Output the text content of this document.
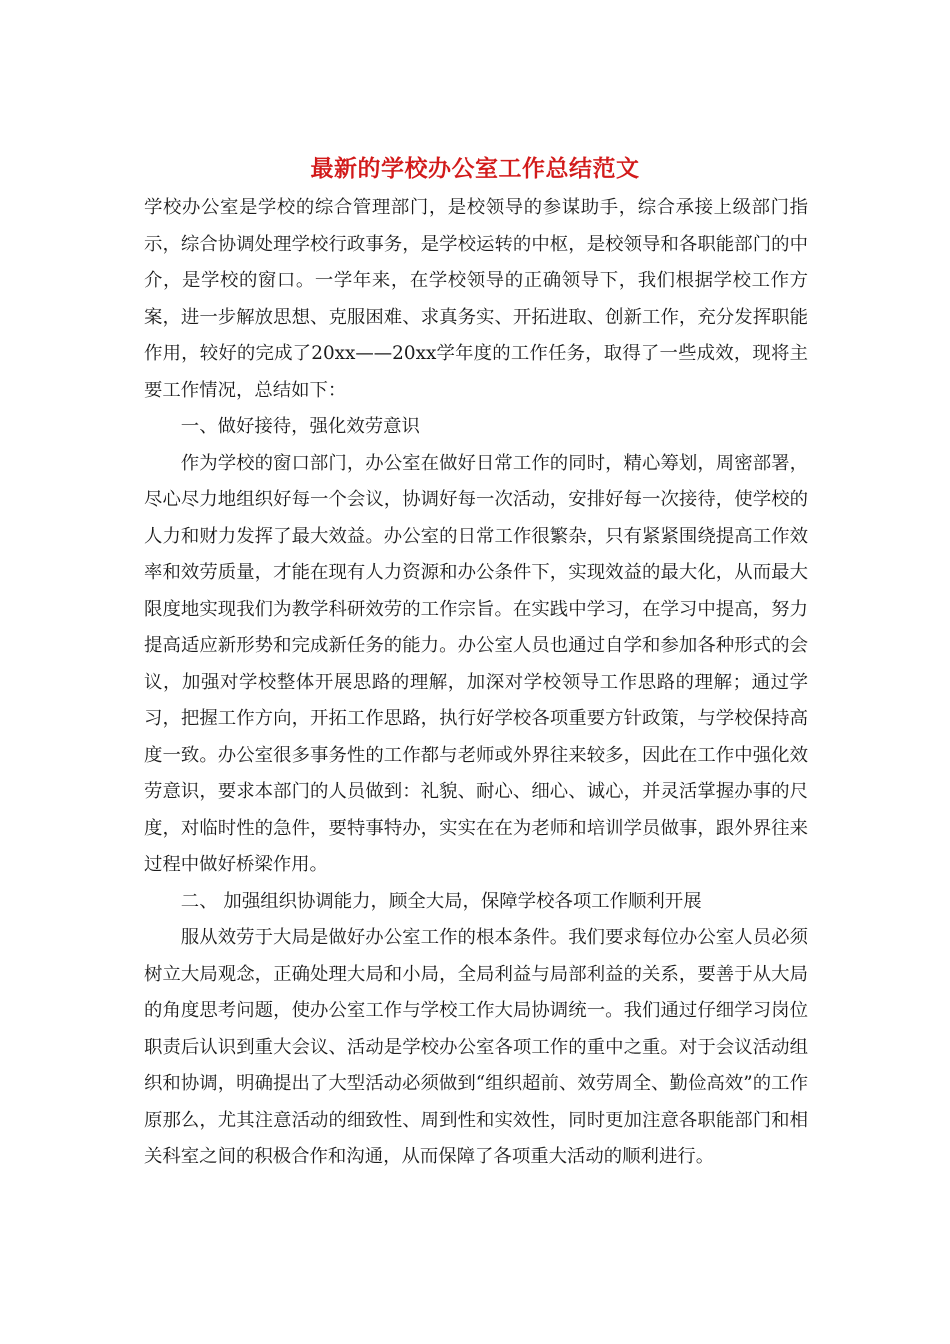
最新的学校办公室工作总结范文

学校办公室是学校的综合管理部门，是校领导的参谋助手，综合承接上级部门指示，综合协调处理学校行政事务，是学校运转的中枢，是校领导和各职能部门的中介，是学校的窗口。一学年来，在学校领导的正确领导下，我们根据学校工作方案，进一步解放思想、克服困难、求真务实、开拓进取、创新工作，充分发挥职能作用，较好的完成了20xx——20xx学年度的工作任务，取得了一些成效，现将主要工作情况，总结如下：

一、做好接待，强化效劳意识

作为学校的窗口部门，办公室在做好日常工作的同时，精心筹划，周密部署，尽心尽力地组织好每一个会议，协调好每一次活动，安排好每一次接待，使学校的人力和财力发挥了最大效益。办公室的日常工作很繁杂，只有紧紧围绕提高工作效率和效劳质量，才能在现有人力资源和办公条件下，实现效益的最大化，从而最大限度地实现我们为教学科研效劳的工作宗旨。在实践中学习，在学习中提高，努力提高适应新形势和完成新任务的能力。办公室人员也通过自学和参加各种形式的会议，加强对学校整体开展思路的理解，加深对学校领导工作思路的理解；通过学习，把握工作方向，开拓工作思路，执行好学校各项重要方针政策，与学校保持高度一致。办公室很多事务性的工作都与老师或外界往来较多，因此在工作中强化效劳意识，要求本部门的人员做到：礼貌、耐心、细心、诚心，并灵活掌握办事的尺度，对临时性的急件，要特事特办，实实在在为老师和培训学员做事，跟外界往来过程中做好桥梁作用。

二、 加强组织协调能力，顾全大局，保障学校各项工作顺利开展

服从效劳于大局是做好办公室工作的根本条件。我们要求每位办公室人员必须树立大局观念，正确处理大局和小局，全局利益与局部利益的关系，要善于从大局的角度思考问题，使办公室工作与学校工作大局协调统一。我们通过仔细学习岗位职责后认识到重大会议、活动是学校办公室各项工作的重中之重。对于会议活动组织和协调，明确提出了大型活动必须做到“组织超前、效劳周全、勤俭高效”的工作原那么，尤其注意活动的细致性、周到性和实效性，同时更加注意各职能部门和相关科室之间的积极合作和沟通，从而保障了各项重大活动的顺利进行。
